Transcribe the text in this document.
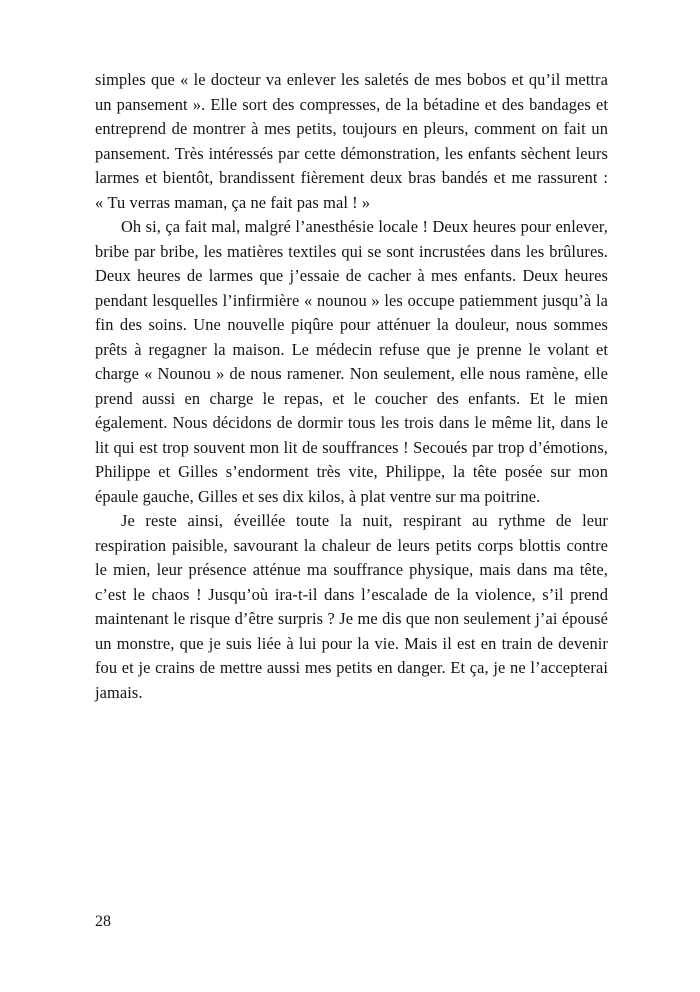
simples que « le docteur va enlever les saletés de mes bobos et qu’il mettra un pansement ». Elle sort des compresses, de la bétadine et des bandages et entreprend de montrer à mes petits, toujours en pleurs, comment on fait un pansement. Très intéressés par cette démonstration, les enfants sèchent leurs larmes et bientôt, brandissent fièrement deux bras bandés et me rassurent : « Tu verras maman, ça ne fait pas mal ! »

Oh si, ça fait mal, malgré l’anesthésie locale ! Deux heures pour enlever, bribe par bribe, les matières textiles qui se sont incrustées dans les brûlures. Deux heures de larmes que j’essaie de cacher à mes enfants. Deux heures pendant lesquelles l’infirmière « nounou » les occupe patiemment jusqu’à la fin des soins. Une nouvelle piqûre pour atténuer la douleur, nous sommes prêts à regagner la maison. Le médecin refuse que je prenne le volant et charge « Nounou » de nous ramener. Non seulement, elle nous ramène, elle prend aussi en charge le repas, et le coucher des enfants. Et le mien également. Nous décidons de dormir tous les trois dans le même lit, dans le lit qui est trop souvent mon lit de souffrances ! Secoués par trop d’émotions, Philippe et Gilles s’endorment très vite, Philippe, la tête posée sur mon épaule gauche, Gilles et ses dix kilos, à plat ventre sur ma poitrine.

Je reste ainsi, éveillée toute la nuit, respirant au rythme de leur respiration paisible, savourant la chaleur de leurs petits corps blottis contre le mien, leur présence atténue ma souffrance physique, mais dans ma tête, c’est le chaos ! Jusqu’où ira-t-il dans l’escalade de la violence, s’il prend maintenant le risque d’être surpris ? Je me dis que non seulement j’ai épousé un monstre, que je suis liée à lui pour la vie. Mais il est en train de devenir fou et je crains de mettre aussi mes petits en danger. Et ça, je ne l’accepterai jamais.

28
